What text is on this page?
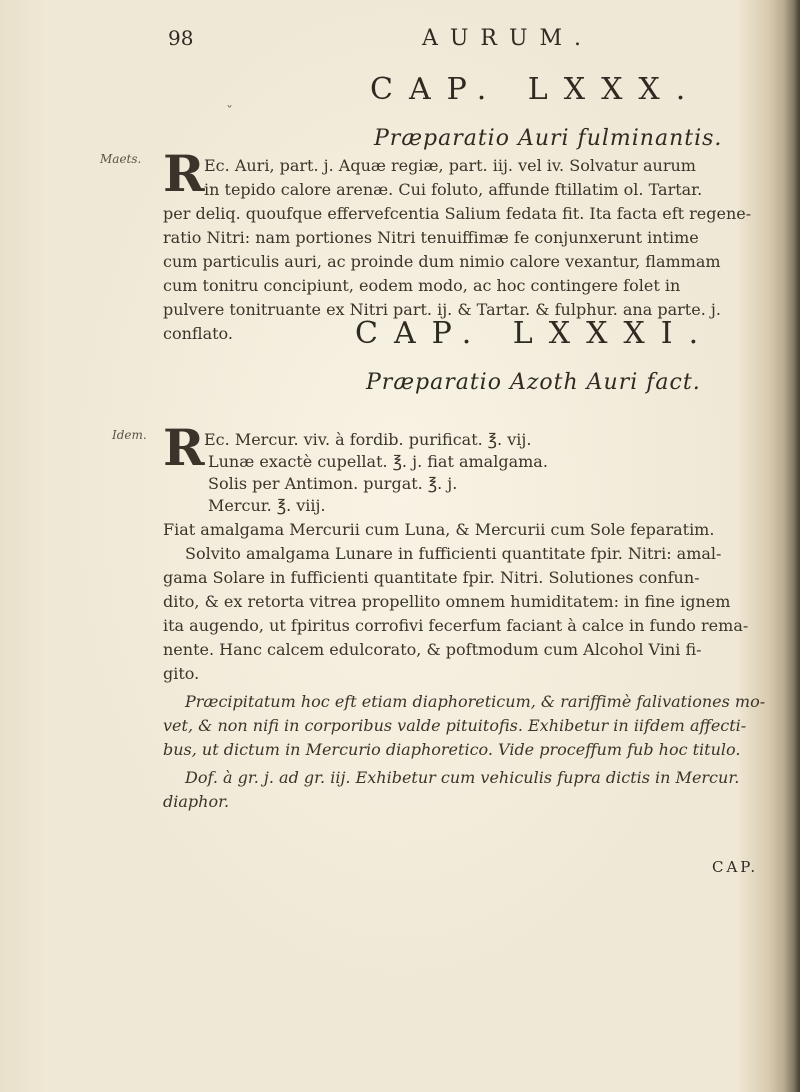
98	AURUM.
CAP. LXXX.
ˇ
Præparatio Auri fulminantis.
Maets. R Ec. Auri, part. j. Aquæ regiæ, part. iij. vel iv. Solvatur aurum
in tepido calore arenæ. Cui foluto, affunde ftillatim ol. Tartar.
per deliq. quoufque effervefcentia Salium fedata fit. Ita facta eft regene-
ratio Nitri: nam portiones Nitri tenuiffimæ fe conjunxerunt intime
cum particulis auri, ac proinde dum nimio calore vexantur, flammam
cum tonitru concipiunt, eodem modo, ac hoc contingere folet in
pulvere tonitruante ex Nitri part. ij. & Tartar. & fulphur. ana parte. j.
conflato.	CAP. LXXXI.
Præparatio Azoth Auri fact.
Idem. R Ec. Mercur. viv. à fordib. purificat. ℥. vij.
Lunæ exactè cupellat. ℥. j. fiat amalgama.
Solis per Antimon. purgat. ℥. j.
Mercur. ℥. viij.
Fiat amalgama Mercurii cum Luna, & Mercurii cum Sole feparatim.
Solvito amalgama Lunare in fufficienti quantitate fpir. Nitri: amal-
gama Solare in fufficienti quantitate fpir. Nitri. Solutiones confun-
dito, & ex retorta vitrea propellito omnem humiditatem: in fine ignem
ita augendo, ut fpiritus corrofivi fecerfum faciant à calce in fundo rema-
nente. Hanc calcem edulcorato, & poftmodum cum Alcohol Vini fi-
gito.
Præcipitatum hoc eft etiam diaphoreticum, & rariffimè falivationes mo-
vet, & non nifi in corporibus valde pituitofis. Exhibetur in iifdem affecti-
bus, ut dictum in Mercurio diaphoretico. Vide proceffum fub hoc titulo.
Dof. à gr. j. ad gr. iij. Exhibetur cum vehiculis fupra dictis in Mercur.
diaphor.
CAP.
